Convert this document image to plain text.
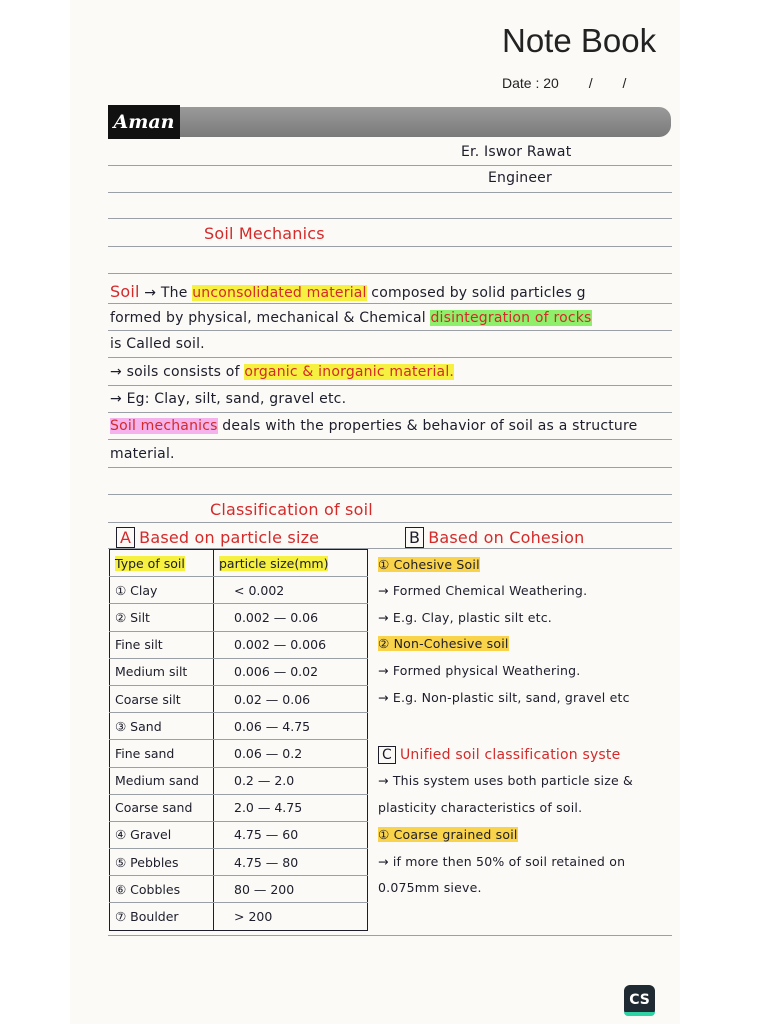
Note Book
Date : 20 / /
Aman
Er. Iswor Rawat
Engineer
Soil Mechanics
Soil → The unconsolidated material composed by solid particles g
formed by physical, mechanical & Chemical disintegration of rocks
is Called soil.
→ soils consists of organic & inorganic material.
→ Eg: Clay, silt, sand, gravel etc.
Soil mechanics deals with the properties & behavior of soil as a structure
material.
Classification of soil
A Based on particle size	B Based on Cohesion
Type of soil	particle size(mm)
① Clay	< 0.002
② Silt	0.002 — 0.06
Fine silt	0.002 — 0.006
Medium silt	0.006 — 0.02
Coarse silt	0.02 — 0.06
③ Sand	0.06 — 4.75
Fine sand	0.06 — 0.2
Medium sand	0.2 — 2.0
Coarse sand	2.0 — 4.75
④ Gravel	4.75 — 60
⑤ Pebbles	4.75 — 80
⑥ Cobbles	80 — 200
⑦ Boulder	> 200
① Cohesive Soil
→ Formed Chemical Weathering.
→ E.g. Clay, plastic silt etc.
② Non-Cohesive soil
→ Formed physical Weathering.
→ E.g. Non-plastic silt, sand, gravel etc
C Unified soil classification syste
→ This system uses both particle size &
plasticity characteristics of soil.
① Coarse grained soil
→ if more then 50% of soil retained on
0.075mm sieve.
CS
